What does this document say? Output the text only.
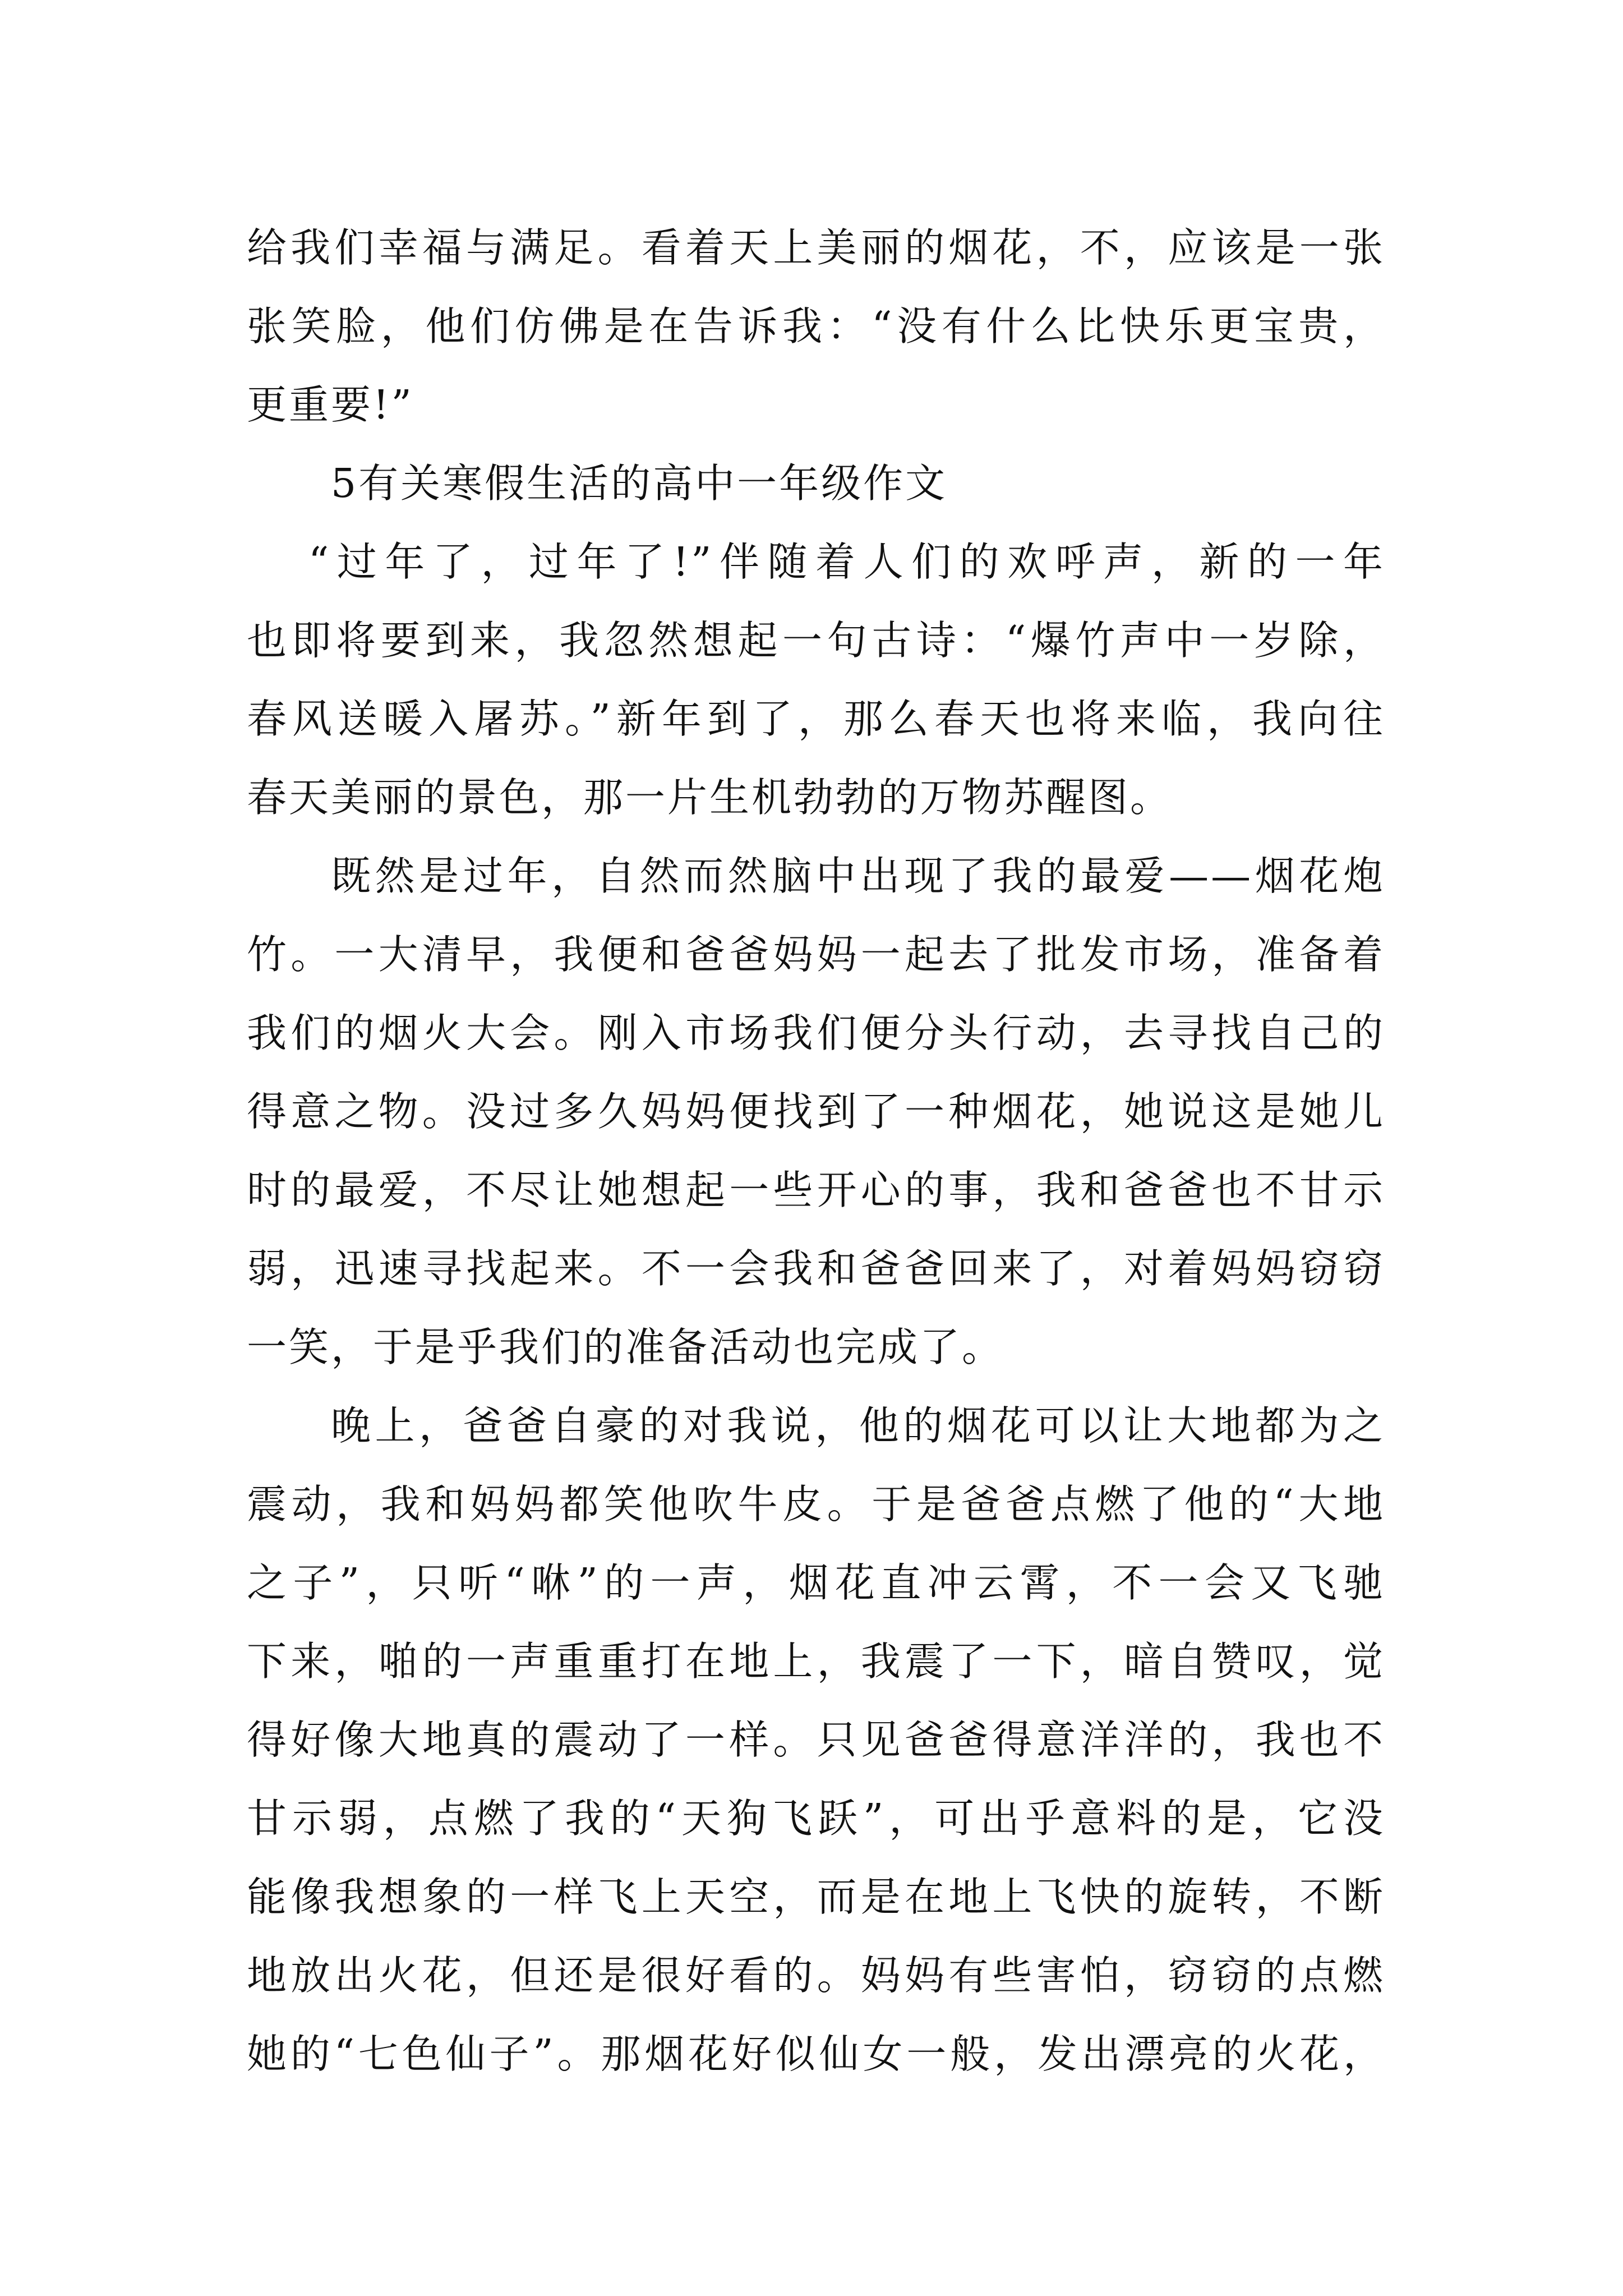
给我们幸福与满足。看着天上美丽的烟花，不，应该是一张
张笑脸，他们仿佛是在告诉我：“没有什么比快乐更宝贵，
更重要!”
5有关寒假生活的高中一年级作文
“过年了，过年了!”伴随着人们的欢呼声，新的一年
也即将要到来，我忽然想起一句古诗：“爆竹声中一岁除，
春风送暖入屠苏。”新年到了，那么春天也将来临，我向往
春天美丽的景色，那一片生机勃勃的万物苏醒图。
既然是过年，自然而然脑中出现了我的最爱——烟花炮
竹。一大清早，我便和爸爸妈妈一起去了批发市场，准备着
我们的烟火大会。刚入市场我们便分头行动，去寻找自己的
得意之物。没过多久妈妈便找到了一种烟花，她说这是她儿
时的最爱，不尽让她想起一些开心的事，我和爸爸也不甘示
弱，迅速寻找起来。不一会我和爸爸回来了，对着妈妈窃窃
一笑，于是乎我们的准备活动也完成了。
晚上，爸爸自豪的对我说，他的烟花可以让大地都为之
震动，我和妈妈都笑他吹牛皮。于是爸爸点燃了他的“大地
之子”，只听“咻”的一声，烟花直冲云霄，不一会又飞驰
下来，啪的一声重重打在地上，我震了一下，暗自赞叹，觉
得好像大地真的震动了一样。只见爸爸得意洋洋的，我也不
甘示弱，点燃了我的“天狗飞跃”，可出乎意料的是，它没
能像我想象的一样飞上天空，而是在地上飞快的旋转，不断
地放出火花，但还是很好看的。妈妈有些害怕，窃窃的点燃
她的“七色仙子”。那烟花好似仙女一般，发出漂亮的火花，
